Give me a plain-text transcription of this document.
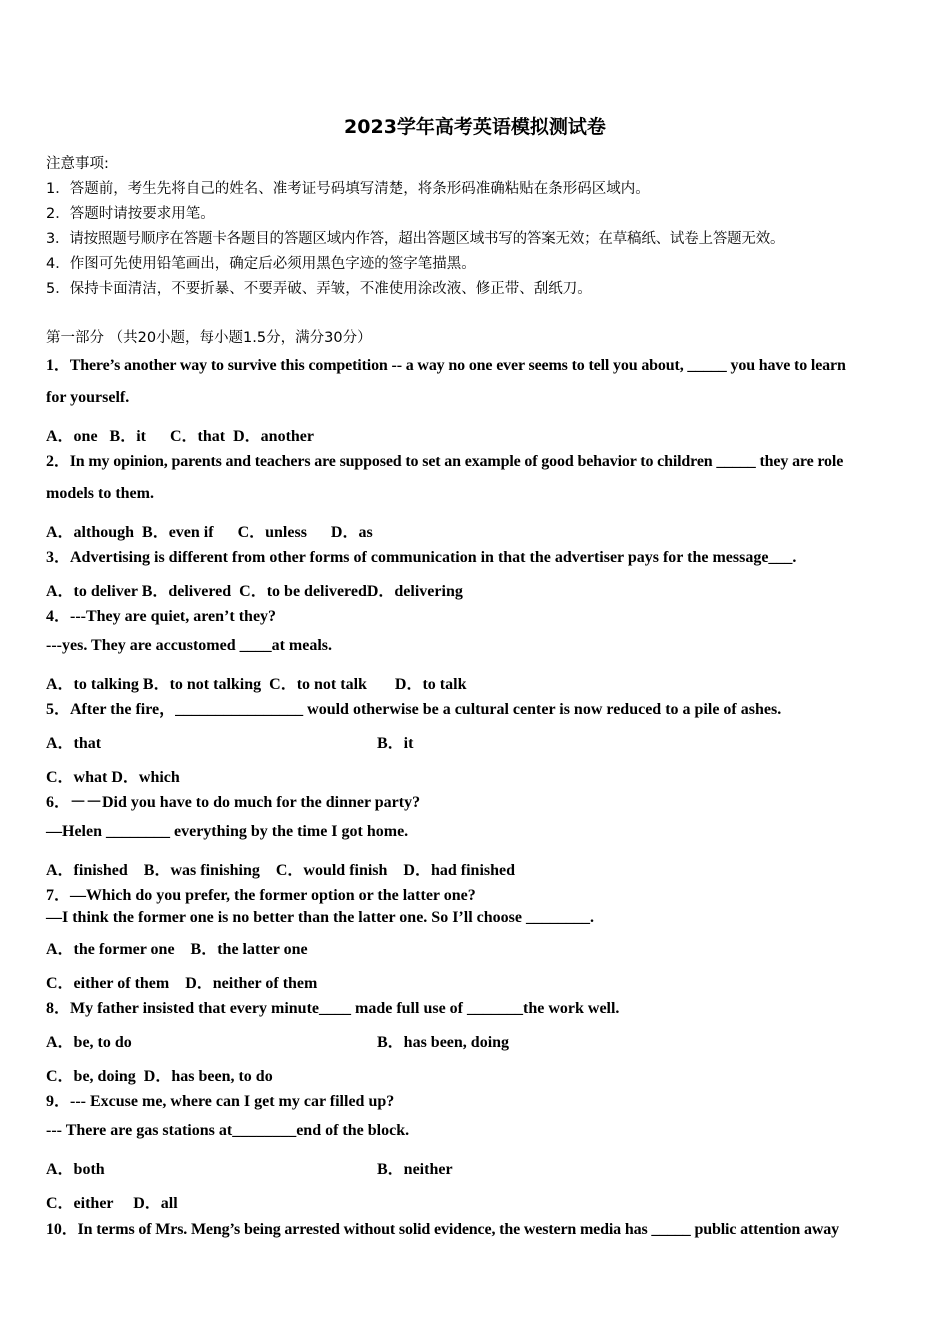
2023学年高考英语模拟测试卷
注意事项:
1．答题前，考生先将自己的姓名、准考证号码填写清楚，将条形码准确粘贴在条形码区域内。
2．答题时请按要求用笔。
3．请按照题号顺序在答题卡各题目的答题区域内作答，超出答题区域书写的答案无效；在草稿纸、试卷上答题无效。
4．作图可先使用铅笔画出，确定后必须用黑色字迹的签字笔描黑。
5．保持卡面清洁，不要折暴、不要弄破、弄皱，不准使用涂改液、修正带、刮纸刀。
第一部分 （共20小题，每小题1.5分，满分30分）
1．There’s another way to survive this competition -- a way no one ever seems to tell you about, _____ you have to learn
for yourself.
A．one   B．it      C．that  D．another
2．In my opinion, parents and teachers are supposed to set an example of good behavior to children _____ they are role
models to them.
A．although  B．even if      C．unless      D．as
3．Advertising is different from other forms of communication in that the advertiser pays for the message___.
A．to deliver B．delivered  C．to be deliveredD．delivering
4．---They are quiet, aren’t they?
---yes. They are accustomed ____at meals.
A．to talking B．to not talking  C．to not talk       D．to talk
5．After the fire，________________ would otherwise be a cultural center is now reduced to a pile of ashes.
A．that	B．it
C．what D．which
6．－－Did you have to do much for the dinner party?
—Helen ________ everything by the time I got home.
A．finished    B．was finishing    C．would finish    D．had finished
7．—Which do you prefer, the former option or the latter one?
—I think the former one is no better than the latter one. So I’ll choose ________.
A．the former one    B．the latter one
C．either of them    D．neither of them
8．My father insisted that every minute____ made full use of _______the work well.
A．be, to do	B．has been, doing
C．be, doing  D．has been, to do
9．--- Excuse me, where can I get my car filled up?
--- There are gas stations at________end of the block.
A．both	B．neither
C．either     D．all
10．In terms of Mrs. Meng’s being arrested without solid evidence, the western media has _____ public attention away
